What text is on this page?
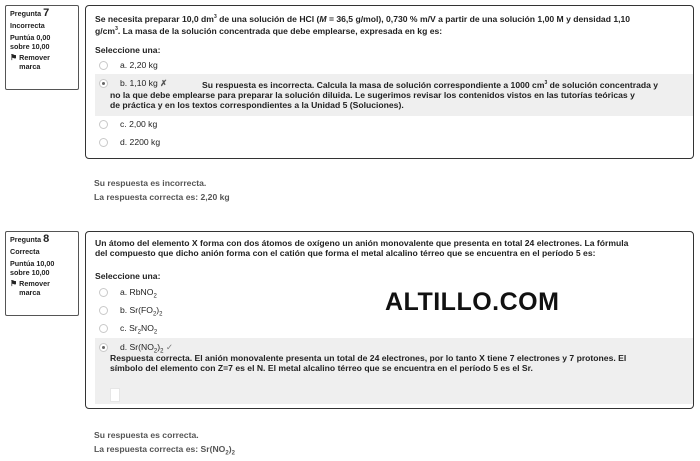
Pregunta 7
Incorrecta
Puntúa 0,00
sobre 10,00
⚑ Remover
marca
Se necesita preparar 10,0 $dm^3$ de una solución de HCl (M = 36,5 g/mol), 0,730 % m/V a partir de una solución 1,00 M y densidad 1,10
$g/cm^3$. La masa de la solución concentrada que debe emplearse, expresada en kg es:
Seleccione una:
a. 2,20 kg
b. 1,10 kg ✗	Su respuesta es incorrecta. Calcula la masa de solución correspondiente a 1000 $cm^3$ de solución concentrada y
no la que debe emplearse para preparar la solución diluida. Le sugerimos revisar los contenidos vistos en las tutorías teóricas y
de práctica y en los textos correspondientes a la Unidad 5 (Soluciones).
c. 2,00 kg
d. 2200 kg
Su respuesta es incorrecta.
La respuesta correcta es: 2,20 kg
Pregunta 8
Correcta
Puntúa 10,00
sobre 10,00
⚑ Remover
marca
Un átomo del elemento X forma con dos átomos de oxígeno un anión monovalente que presenta en total 24 electrones. La fórmula
del compuesto que dicho anión forma con el catión que forma el metal alcalino térreo que se encuentra en el período 5 es:
Seleccione una:
a. RbNO$_2$
b. $Sr(FO_2)_2$
c. $Sr_2NO_2$
d. $Sr(NO_2)_2$ ✓
Respuesta correcta. El anión monovalente presenta un total de 24 electrones, por lo tanto X tiene 7 electrones y 7 protones. El
símbolo del elemento con Z=7 es el N. El metal alcalino térreo que se encuentra en el período 5 es el Sr.
ALTILLO.COM
Su respuesta es correcta.
La respuesta correcta es: $Sr(NO_2)_2$
